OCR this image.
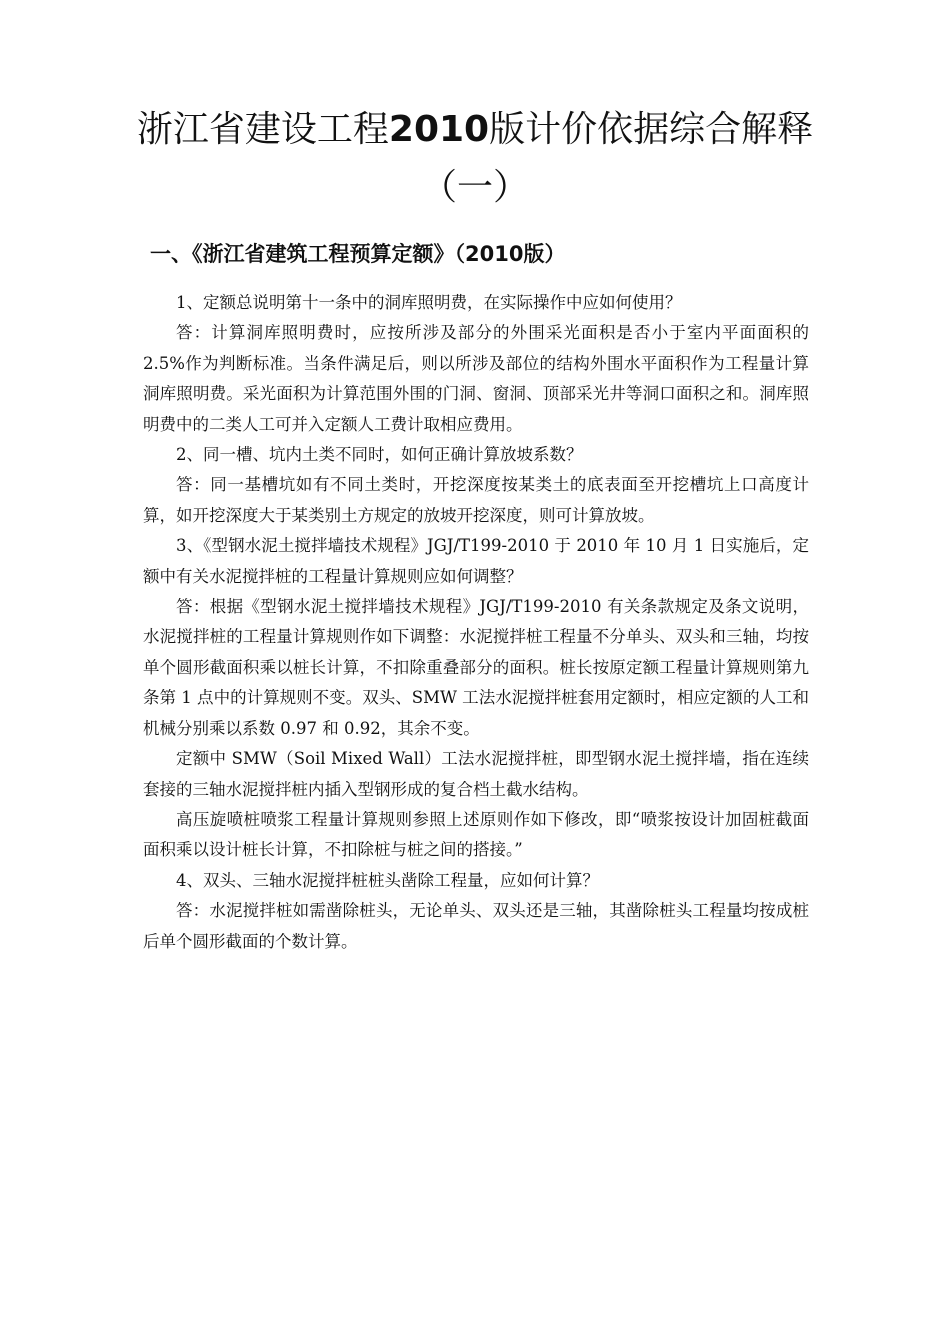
浙江省建设工程2010版计价依据综合解释
（一）
一、《浙江省建筑工程预算定额》（2010版）

1、定额总说明第十一条中的洞库照明费，在实际操作中应如何使用？

答：计算洞库照明费时，应按所涉及部分的外围采光面积是否小于室内平面面积的 2.5%作为判断标准。当条件满足后，则以所涉及部位的结构外围水平面积作为工程量计算洞库照明费。采光面积为计算范围外围的门洞、窗洞、顶部采光井等洞口面积之和。洞库照明费中的二类人工可并入定额人工费计取相应费用。

2、同一槽、坑内土类不同时，如何正确计算放坡系数？

答：同一基槽坑如有不同土类时，开挖深度按某类土的底表面至开挖槽坑上口高度计算，如开挖深度大于某类别土方规定的放坡开挖深度，则可计算放坡。

3、《型钢水泥土搅拌墙技术规程》JGJ/T199-2010 于 2010 年 10 月 1 日实施后，定额中有关水泥搅拌桩的工程量计算规则应如何调整？

答：根据《型钢水泥土搅拌墙技术规程》JGJ/T199-2010 有关条款规定及条文说明，水泥搅拌桩的工程量计算规则作如下调整：水泥搅拌桩工程量不分单头、双头和三轴，均按单个圆形截面积乘以桩长计算，不扣除重叠部分的面积。桩长按原定额工程量计算规则第九条第 1 点中的计算规则不变。双头、SMW 工法水泥搅拌桩套用定额时，相应定额的人工和机械分别乘以系数 0.97 和 0.92，其余不变。

定额中 SMW（Soil Mixed Wall）工法水泥搅拌桩，即型钢水泥土搅拌墙，指在连续套接的三轴水泥搅拌桩内插入型钢形成的复合档土截水结构。

高压旋喷桩喷浆工程量计算规则参照上述原则作如下修改，即“喷浆按设计加固桩截面面积乘以设计桩长计算，不扣除桩与桩之间的搭接。”

4、双头、三轴水泥搅拌桩桩头凿除工程量，应如何计算？

答：水泥搅拌桩如需凿除桩头，无论单头、双头还是三轴，其凿除桩头工程量均按成桩后单个圆形截面的个数计算。
